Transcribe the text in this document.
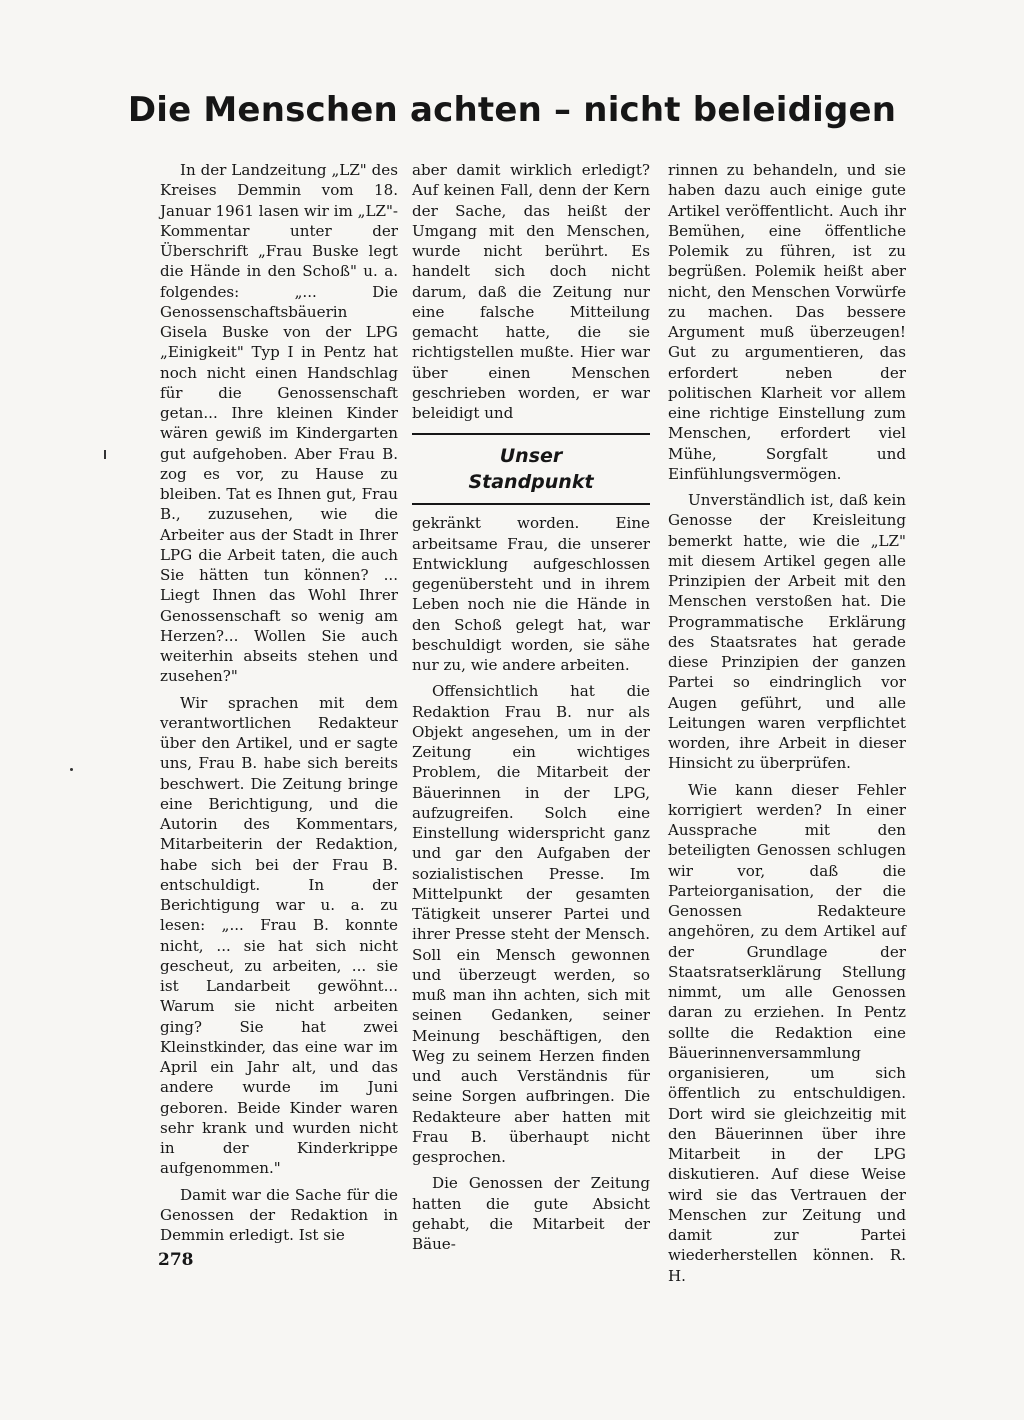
Die Menschen achten – nicht beleidigen

In der Landzeitung „LZ" des Kreises Demmin vom 18. Januar 1961 lasen wir im „LZ"-Kommentar unter der Überschrift „Frau Buske legt die Hände in den Schoß" u. a. folgendes: „... Die Genossenschaftsbäuerin Gisela Buske von der LPG „Einigkeit" Typ I in Pentz hat noch nicht einen Handschlag für die Genossenschaft getan... Ihre kleinen Kinder wären gewiß im Kindergarten gut aufgehoben. Aber Frau B. zog es vor, zu Hause zu bleiben. Tat es Ihnen gut, Frau B., zuzusehen, wie die Arbeiter aus der Stadt in Ihrer LPG die Arbeit taten, die auch Sie hätten tun können? ... Liegt Ihnen das Wohl Ihrer Genossenschaft so wenig am Herzen?... Wollen Sie auch weiterhin abseits stehen und zusehen?"

Wir sprachen mit dem verantwortlichen Redakteur über den Artikel, und er sagte uns, Frau B. habe sich bereits beschwert. Die Zeitung bringe eine Berichtigung, und die Autorin des Kommentars, Mitarbeiterin der Redaktion, habe sich bei der Frau B. entschuldigt. In der Berichtigung war u. a. zu lesen: „... Frau B. konnte nicht, ... sie hat sich nicht gescheut, zu arbeiten, ... sie ist Landarbeit gewöhnt... Warum sie nicht arbeiten ging? Sie hat zwei Kleinstkinder, das eine war im April ein Jahr alt, und das andere wurde im Juni geboren. Beide Kinder waren sehr krank und wurden nicht in der Kinderkrippe aufgenommen."

Damit war die Sache für die Genossen der Redaktion in Demmin erledigt. Ist sie

aber damit wirklich erledigt? Auf keinen Fall, denn der Kern der Sache, das heißt der Umgang mit den Menschen, wurde nicht berührt. Es handelt sich doch nicht darum, daß die Zeitung nur eine falsche Mitteilung gemacht hatte, die sie richtigstellen mußte. Hier war über einen Menschen geschrieben worden, er war beleidigt und

Unser
Standpunkt

gekränkt worden. Eine arbeitsame Frau, die unserer Entwicklung aufgeschlossen gegenübersteht und in ihrem Leben noch nie die Hände in den Schoß gelegt hat, war beschuldigt worden, sie sähe nur zu, wie andere arbeiten.

Offensichtlich hat die Redaktion Frau B. nur als Objekt angesehen, um in der Zeitung ein wichtiges Problem, die Mitarbeit der Bäuerinnen in der LPG, aufzugreifen. Solch eine Einstellung widerspricht ganz und gar den Aufgaben der sozialistischen Presse. Im Mittelpunkt der gesamten Tätigkeit unserer Partei und ihrer Presse steht der Mensch. Soll ein Mensch gewonnen und überzeugt werden, so muß man ihn achten, sich mit seinen Gedanken, seiner Meinung beschäftigen, den Weg zu seinem Herzen finden und auch Verständnis für seine Sorgen aufbringen. Die Redakteure aber hatten mit Frau B. überhaupt nicht gesprochen.

Die Genossen der Zeitung hatten die gute Absicht gehabt, die Mitarbeit der Bäue-

rinnen zu behandeln, und sie haben dazu auch einige gute Artikel veröffentlicht. Auch ihr Bemühen, eine öffentliche Polemik zu führen, ist zu begrüßen. Polemik heißt aber nicht, den Menschen Vorwürfe zu machen. Das bessere Argument muß überzeugen! Gut zu argumentieren, das erfordert neben der politischen Klarheit vor allem eine richtige Einstellung zum Menschen, erfordert viel Mühe, Sorgfalt und Einfühlungsvermögen.

Unverständlich ist, daß kein Genosse der Kreisleitung bemerkt hatte, wie die „LZ" mit diesem Artikel gegen alle Prinzipien der Arbeit mit den Menschen verstoßen hat. Die Programmatische Erklärung des Staatsrates hat gerade diese Prinzipien der ganzen Partei so eindringlich vor Augen geführt, und alle Leitungen waren verpflichtet worden, ihre Arbeit in dieser Hinsicht zu überprüfen.

Wie kann dieser Fehler korrigiert werden? In einer Aussprache mit den beteiligten Genossen schlugen wir vor, daß die Parteiorganisation, der die Genossen Redakteure angehören, zu dem Artikel auf der Grundlage der Staatsratserklärung Stellung nimmt, um alle Genossen daran zu erziehen. In Pentz sollte die Redaktion eine Bäuerinnenversammlung organisieren, um sich öffentlich zu entschuldigen. Dort wird sie gleichzeitig mit den Bäuerinnen über ihre Mitarbeit in der LPG diskutieren. Auf diese Weise wird sie das Vertrauen der Menschen zur Zeitung und damit zur Partei wiederherstellen können. R. H.

278
